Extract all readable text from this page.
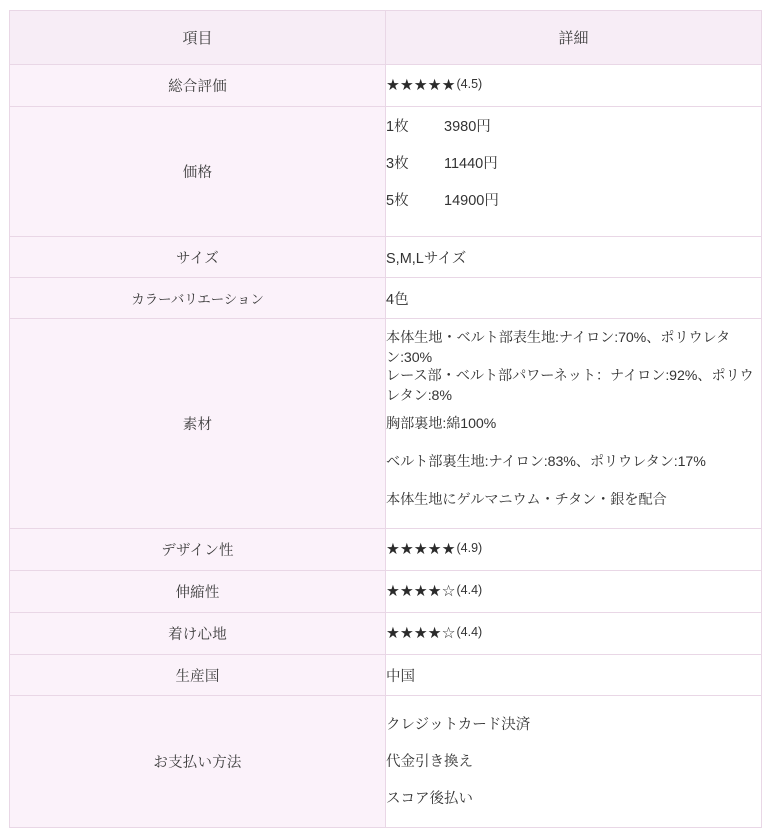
項目	詳細
総合評価	★★★★★(4.5)
価格	
1枚	3980円
3枚	11440円
5枚	14900円

サイズ	S,M,Lサイズ
カラーバリエーション	4色
素材	本体生地・ベルト部表生地:ナイロン:70%、ポリウレタン:30%
レース部・ベルト部パワーネット：ナイロン:92%、ポリウレタン:8%
胸部裏地:綿100%
ベルト部裏生地:ナイロン:83%、ポリウレタン:17%
本体生地にゲルマニウム・チタン・銀を配合

デザイン性	★★★★★(4.9)
伸縮性	★★★★☆(4.4)
着け心地	★★★★☆(4.4)
生産国	中国
お支払い方法	クレジットカード決済
代金引き換え
スコア後払い
